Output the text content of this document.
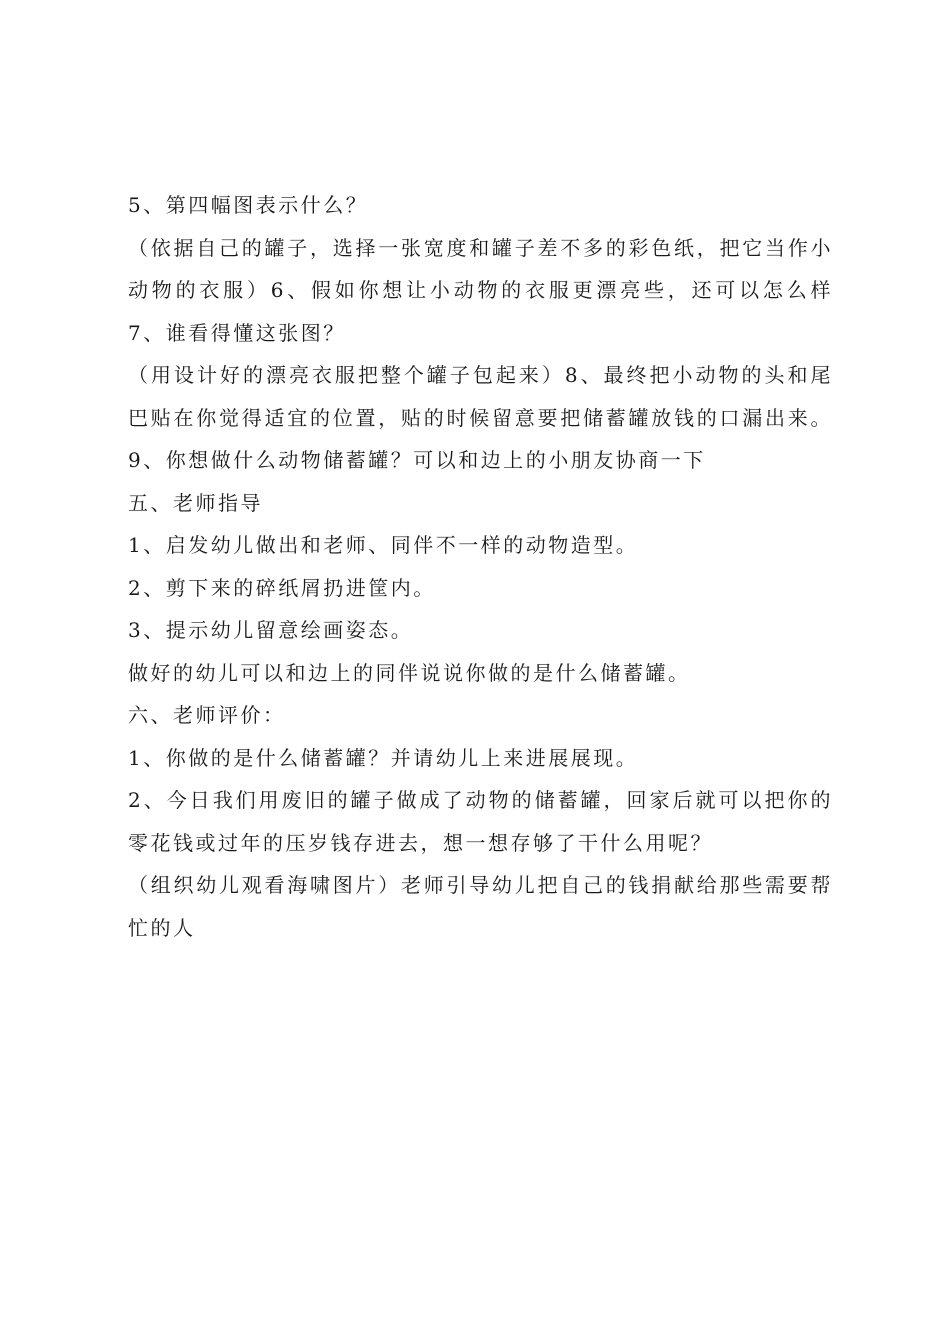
5、第四幅图表示什么？

（依据自己的罐子，选择一张宽度和罐子差不多的彩色纸，把它当作小动物的衣服）6、假如你想让小动物的衣服更漂亮些，还可以怎么样 7、谁看得懂这张图？

（用设计好的漂亮衣服把整个罐子包起来）8、最终把小动物的头和尾巴贴在你觉得适宜的位置，贴的时候留意要把储蓄罐放钱的口漏出来。9、你想做什么动物储蓄罐？可以和边上的小朋友协商一下

五、老师指导

1、启发幼儿做出和老师、同伴不一样的动物造型。

2、剪下来的碎纸屑扔进筐内。

3、提示幼儿留意绘画姿态。

做好的幼儿可以和边上的同伴说说你做的是什么储蓄罐。

六、老师评价：

1、你做的是什么储蓄罐？并请幼儿上来进展展现。

2、今日我们用废旧的罐子做成了动物的储蓄罐，回家后就可以把你的零花钱或过年的压岁钱存进去，想一想存够了干什么用呢？

（组织幼儿观看海啸图片）老师引导幼儿把自己的钱捐献给那些需要帮忙的人
